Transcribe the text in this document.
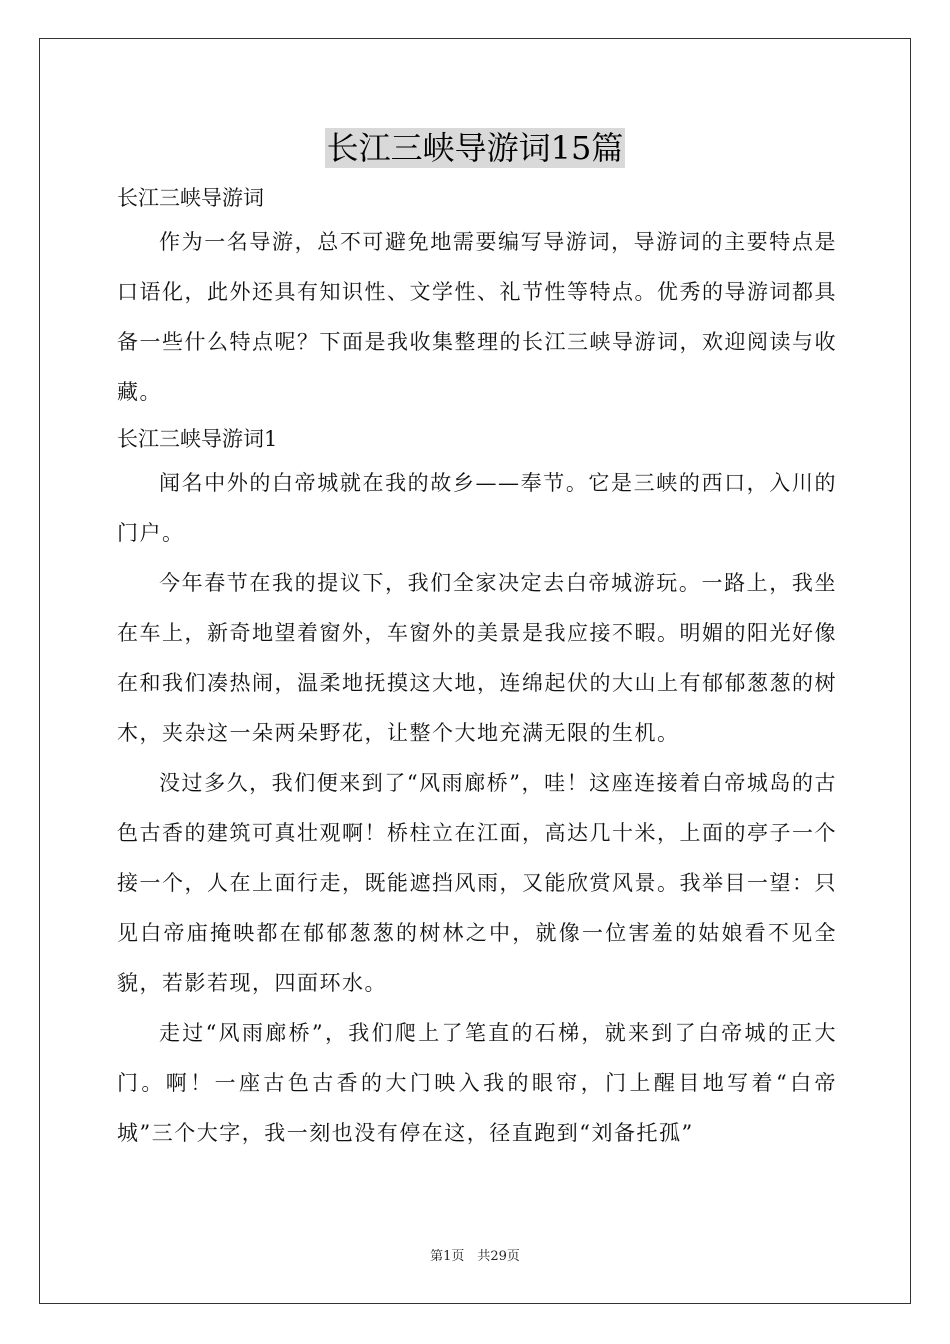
长江三峡导游词15篇

长江三峡导游词

作为一名导游，总不可避免地需要编写导游词，导游词的主要特点是口语化，此外还具有知识性、文学性、礼节性等特点。优秀的导游词都具备一些什么特点呢？下面是我收集整理的长江三峡导游词，欢迎阅读与收藏。

长江三峡导游词1

闻名中外的白帝城就在我的故乡——奉节。它是三峡的西口，入川的门户。

今年春节在我的提议下，我们全家决定去白帝城游玩。一路上，我坐在车上，新奇地望着窗外，车窗外的美景是我应接不暇。明媚的阳光好像在和我们凑热闹，温柔地抚摸这大地，连绵起伏的大山上有郁郁葱葱的树木，夹杂这一朵两朵野花，让整个大地充满无限的生机。

没过多久，我们便来到了“风雨廊桥”，哇！这座连接着白帝城岛的古色古香的建筑可真壮观啊！桥柱立在江面，高达几十米，上面的亭子一个接一个，人在上面行走，既能遮挡风雨，又能欣赏风景。我举目一望：只见白帝庙掩映都在郁郁葱葱的树林之中，就像一位害羞的姑娘看不见全貌，若影若现，四面环水。

走过“风雨廊桥”，我们爬上了笔直的石梯，就来到了白帝城的正大门。啊！一座古色古香的大门映入我的眼帘，门上醒目地写着“白帝城”三个大字，我一刻也没有停在这，径直跑到“刘备托孤”

第1页　共29页
